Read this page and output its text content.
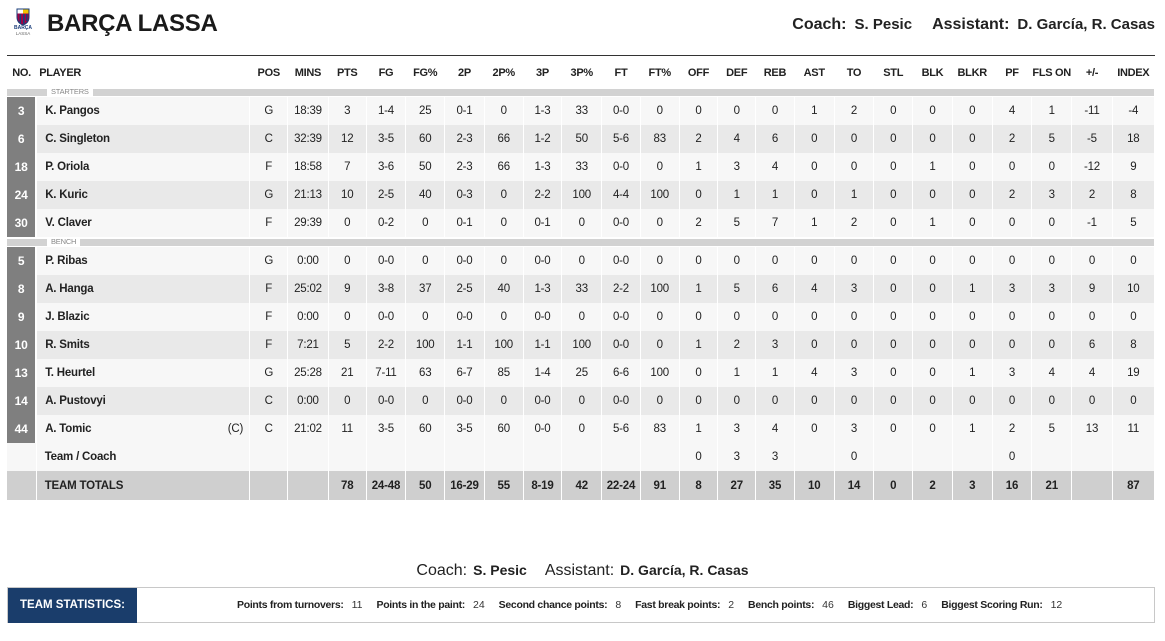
BARÇA
LASSA BARÇA LASSA	Coach: S. Pesic Assistant: D. García, R. Casas
NO.	PLAYER	POS	MINS	PTS	FG	FG%	2P	2P%	3P	3P%	FT	FT%	OFF	DEF	REB	AST	TO	STL	BLK	BLKR	PF	FLS ON	+/-	INDEX

STARTERS																								

3	K. Pangos	G	18:39	3	1-4	25	0-1	0	1-3	33	0-0	0	0	0	0	1	2	0	0	0	4	1	-11	-4
6	C. Singleton	C	32:39	12	3-5	60	2-3	66	1-2	50	5-6	83	2	4	6	0	0	0	0	0	2	5	-5	18
18	P. Oriola	F	18:58	7	3-6	50	2-3	66	1-3	33	0-0	0	1	3	4	0	0	0	1	0	0	0	-12	9
24	K. Kuric	G	21:13	10	2-5	40	0-3	0	2-2	100	4-4	100	0	1	1	0	1	0	0	0	2	3	2	8
30	V. Claver	F	29:39	0	0-2	0	0-1	0	0-1	0	0-0	0	2	5	7	1	2	0	1	0	0	0	-1	5

BENCH																								

5	P. Ribas	G	0:00	0	0-0	0	0-0	0	0-0	0	0-0	0	0	0	0	0	0	0	0	0	0	0	0	0
8	A. Hanga	F	25:02	9	3-8	37	2-5	40	1-3	33	2-2	100	1	5	6	4	3	0	0	1	3	3	9	10
9	J. Blazic	F	0:00	0	0-0	0	0-0	0	0-0	0	0-0	0	0	0	0	0	0	0	0	0	0	0	0	0
10	R. Smits	F	7:21	5	2-2	100	1-1	100	1-1	100	0-0	0	1	2	3	0	0	0	0	0	0	0	6	8
13	T. Heurtel	G	25:28	21	7-11	63	6-7	85	1-4	25	6-6	100	0	1	1	4	3	0	0	1	3	4	4	19
14	A. Pustovyi	C	0:00	0	0-0	0	0-0	0	0-0	0	0-0	0	0	0	0	0	0	0	0	0	0	0	0	0
44	A. Tomic (C)	C	21:02	11	3-5	60	3-5	60	0-0	0	5-6	83	1	3	4	0	3	0	0	1	2	5	13	11
	Team / Coach												0	3	3		0				0			
	TEAM TOTALS			78	24-48	50	16-29	55	8-19	42	22-24	91	8	27	35	10	14	0	2	3	16	21		87
Coach: S. Pesic Assistant: D. García, R. Casas
TEAM STATISTICS:	Points from turnovers: 11 Points in the paint: 24 Second chance points: 8 Fast break points: 2 Bench points: 46 Biggest Lead: 6 Biggest Scoring Run: 12
